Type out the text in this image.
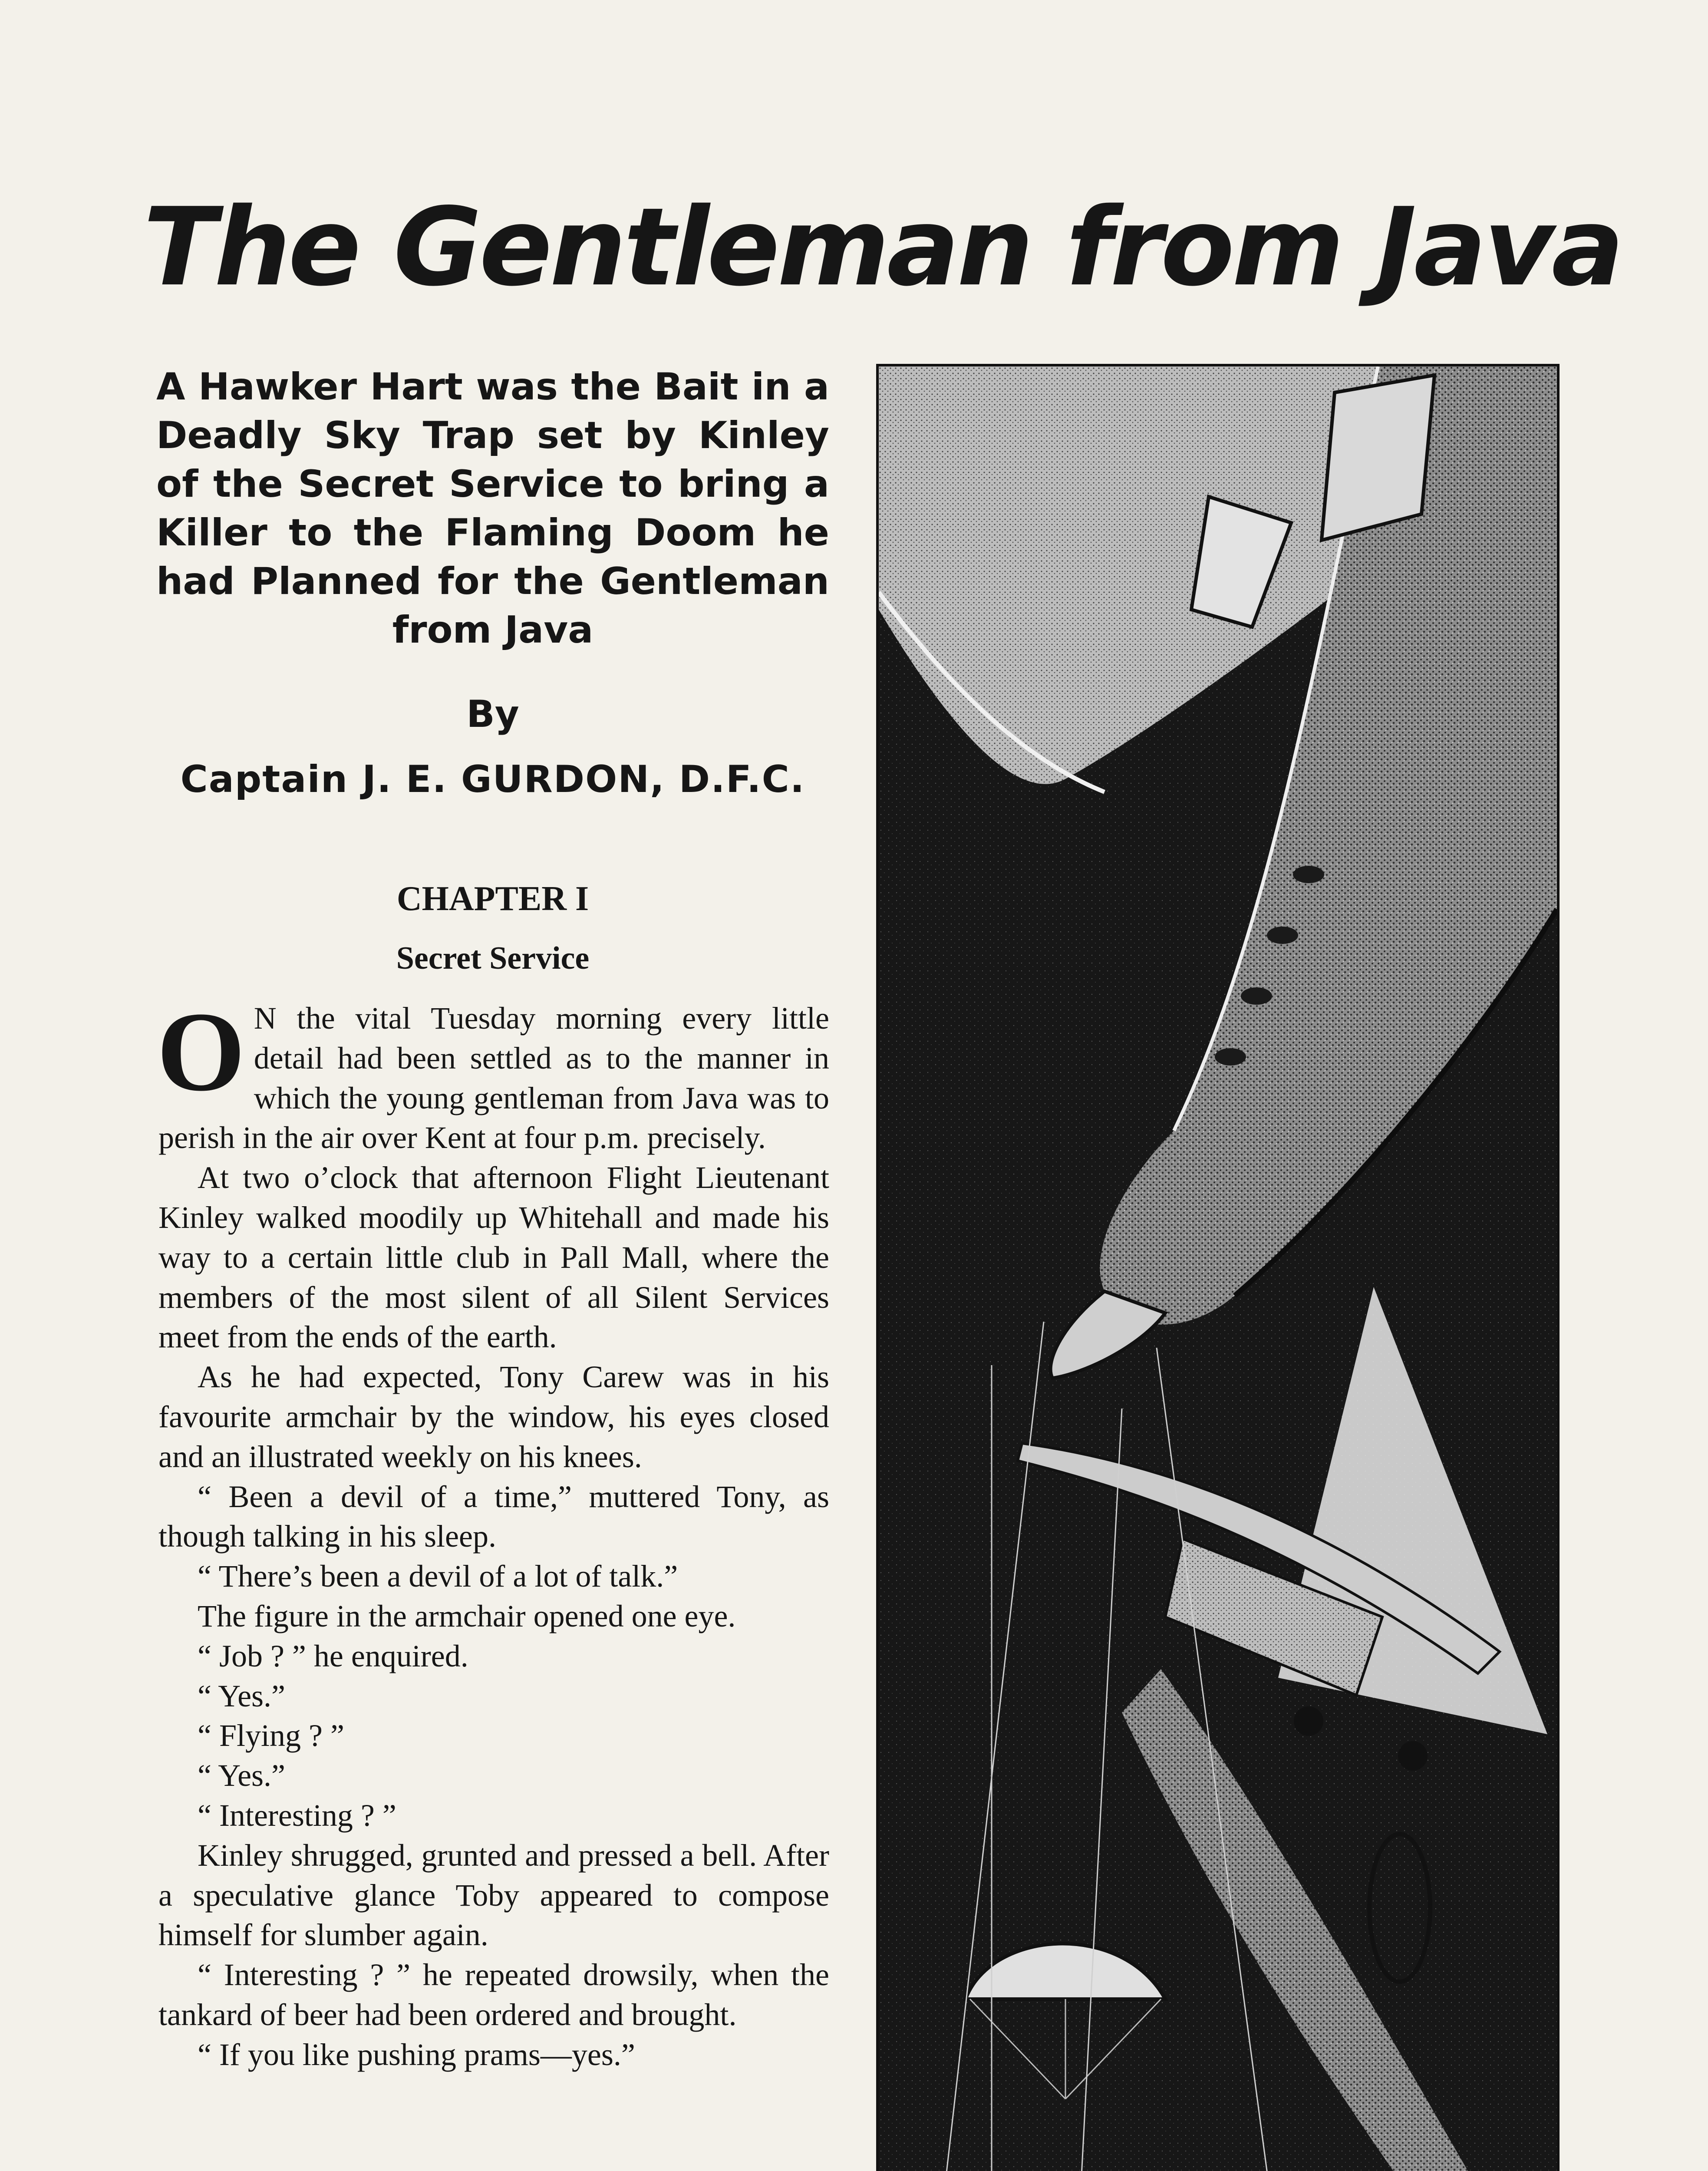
The Gentleman from Java

A Hawker Hart was the Bait in a Deadly Sky Trap set by Kinley of the Secret Service to bring a Killer to the Flaming Doom he had Planned for the Gentleman from Java

By
Captain J. E. GURDON, D.F.C.
CHAPTER I
Secret Service

O N the vital Tuesday morning every little detail had been settled as to the manner in which the young gentleman from Java was to perish in the air over Kent at four p.m. precisely.

At two o’clock that afternoon Flight Lieutenant Kinley walked moodily up Whitehall and made his way to a certain little club in Pall Mall, where the members of the most silent of all Silent Services meet from the ends of the earth.

As he had expected, Tony Carew was in his favourite armchair by the window, his eyes closed and an illustrated weekly on his knees.

“ Been a devil of a time,” muttered Tony, as though talking in his sleep.

“ There’s been a devil of a lot of talk.”

The figure in the armchair opened one eye.

“ Job ? ” he enquired.

“ Yes.”

“ Flying ? ”

“ Yes.”

“ Interesting ? ”

Kinley shrugged, grunted and pressed a bell. After a speculative glance Toby appeared to compose himself for slumber again.

“ Interesting ? ” he repeated drowsily, when the tankard of beer had been ordered and brought.

“ If you like pushing prams—yes.”
